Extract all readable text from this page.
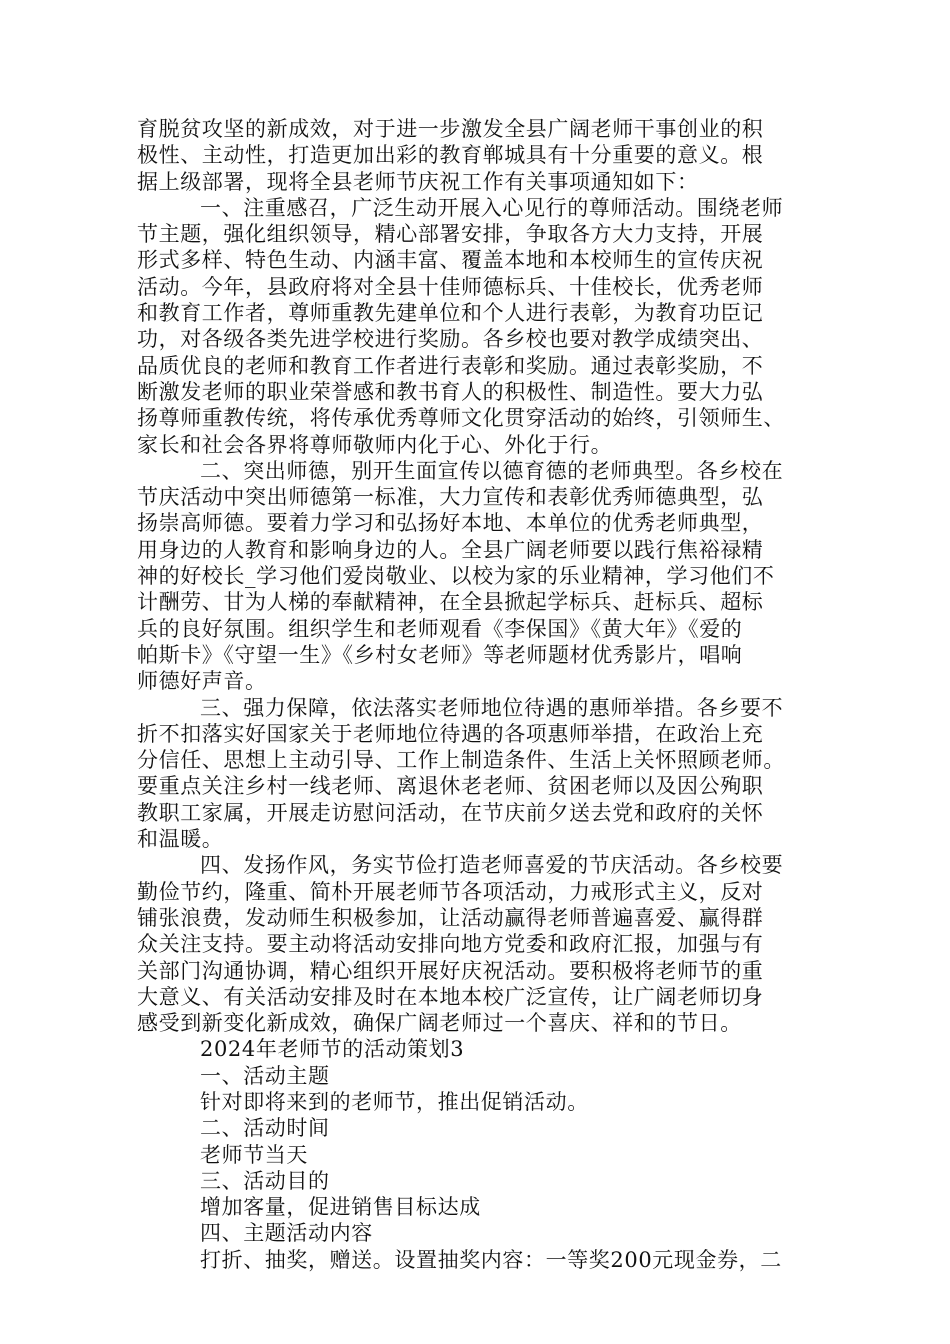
育脱贫攻坚的新成效，对于进一步激发全县广阔老师干事创业的积
极性、主动性，打造更加出彩的教育郸城具有十分重要的意义。根
据上级部署，现将全县老师节庆祝工作有关事项通知如下：
一、注重感召，广泛生动开展入心见行的尊师活动。围绕老师
节主题，强化组织领导，精心部署安排，争取各方大力支持，开展
形式多样、特色生动、内涵丰富、覆盖本地和本校师生的宣传庆祝
活动。今年，县政府将对全县十佳师德标兵、十佳校长，优秀老师
和教育工作者，尊师重教先建单位和个人进行表彰，为教育功臣记
功，对各级各类先进学校进行奖励。各乡校也要对教学成绩突出、
品质优良的老师和教育工作者进行表彰和奖励。通过表彰奖励，不
断激发老师的职业荣誉感和教书育人的积极性、制造性。要大力弘
扬尊师重教传统，将传承优秀尊师文化贯穿活动的始终，引领师生、
家长和社会各界将尊师敬师内化于心、外化于行。
二、突出师德，别开生面宣传以德育德的老师典型。各乡校在
节庆活动中突出师德第一标准，大力宣传和表彰优秀师德典型，弘
扬崇高师德。要着力学习和弘扬好本地、本单位的优秀老师典型，
用身边的人教育和影响身边的人。全县广阔老师要以践行焦裕禄精
神的好校长_学习他们爱岗敬业、以校为家的乐业精神，学习他们不
计酬劳、甘为人梯的奉献精神，在全县掀起学标兵、赶标兵、超标
兵的良好氛围。组织学生和老师观看《李保国》《黄大年》《爱的
帕斯卡》《守望一生》《乡村女老师》等老师题材优秀影片，唱响
师德好声音。
三、强力保障，依法落实老师地位待遇的惠师举措。各乡要不
折不扣落实好国家关于老师地位待遇的各项惠师举措，在政治上充
分信任、思想上主动引导、工作上制造条件、生活上关怀照顾老师。
要重点关注乡村一线老师、离退休老老师、贫困老师以及因公殉职
教职工家属，开展走访慰问活动，在节庆前夕送去党和政府的关怀
和温暖。
四、发扬作风，务实节俭打造老师喜爱的节庆活动。各乡校要
勤俭节约，隆重、简朴开展老师节各项活动，力戒形式主义，反对
铺张浪费，发动师生积极参加，让活动赢得老师普遍喜爱、赢得群
众关注支持。要主动将活动安排向地方党委和政府汇报，加强与有
关部门沟通协调，精心组织开展好庆祝活动。要积极将老师节的重
大意义、有关活动安排及时在本地本校广泛宣传，让广阔老师切身
感受到新变化新成效，确保广阔老师过一个喜庆、祥和的节日。
2024年老师节的活动策划3
一、活动主题
针对即将来到的老师节，推出促销活动。
二、活动时间
老师节当天
三、活动目的
增加客量，促进销售目标达成
四、主题活动内容
打折、抽奖，赠送。设置抽奖内容：一等奖200元现金券，二
